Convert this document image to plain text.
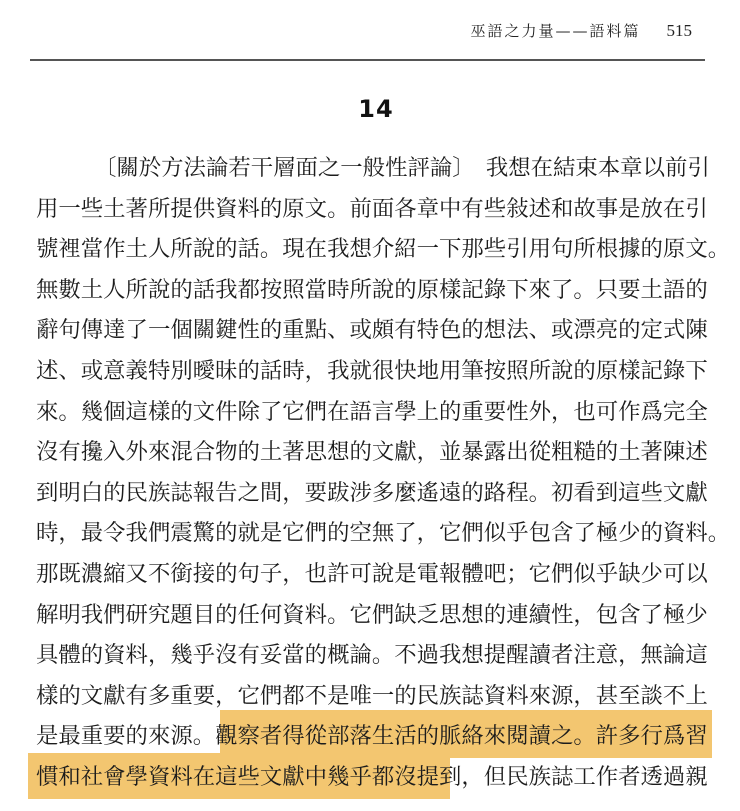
巫語之力量——語料篇 515
14
〔關於方法論若干層面之一般性評論〕　我想在結束本章以前引
用一些土著所提供資料的原文。前面各章中有些敍述和故事是放在引
號裡當作土人所說的話。現在我想介紹一下那些引用句所根據的原文。
無數土人所說的話我都按照當時所說的原樣記錄下來了。只要土語的
辭句傳達了一個關鍵性的重點、或頗有特色的想法、或漂亮的定式陳
述、或意義特別曖昧的話時，我就很快地用筆按照所說的原樣記錄下
來。幾個這樣的文件除了它們在語言學上的重要性外，也可作爲完全
沒有攙入外來混合物的土著思想的文獻，並暴露出從粗糙的土著陳述
到明白的民族誌報告之間，要跋涉多麼遙遠的路程。初看到這些文獻
時，最令我們震驚的就是它們的空無了，它們似乎包含了極少的資料。
那既濃縮又不銜接的句子，也許可說是電報體吧；它們似乎缺少可以
解明我們研究題目的任何資料。它們缺乏思想的連續性，包含了極少
具體的資料，幾乎沒有妥當的概論。不過我想提醒讀者注意，無論這
樣的文獻有多重要，它們都不是唯一的民族誌資料來源，甚至談不上
是最重要的來源。觀察者得從部落生活的脈絡來閱讀之。許多行爲習
慣和社會學資料在這些文獻中幾乎都沒提到，但民族誌工作者透過親
